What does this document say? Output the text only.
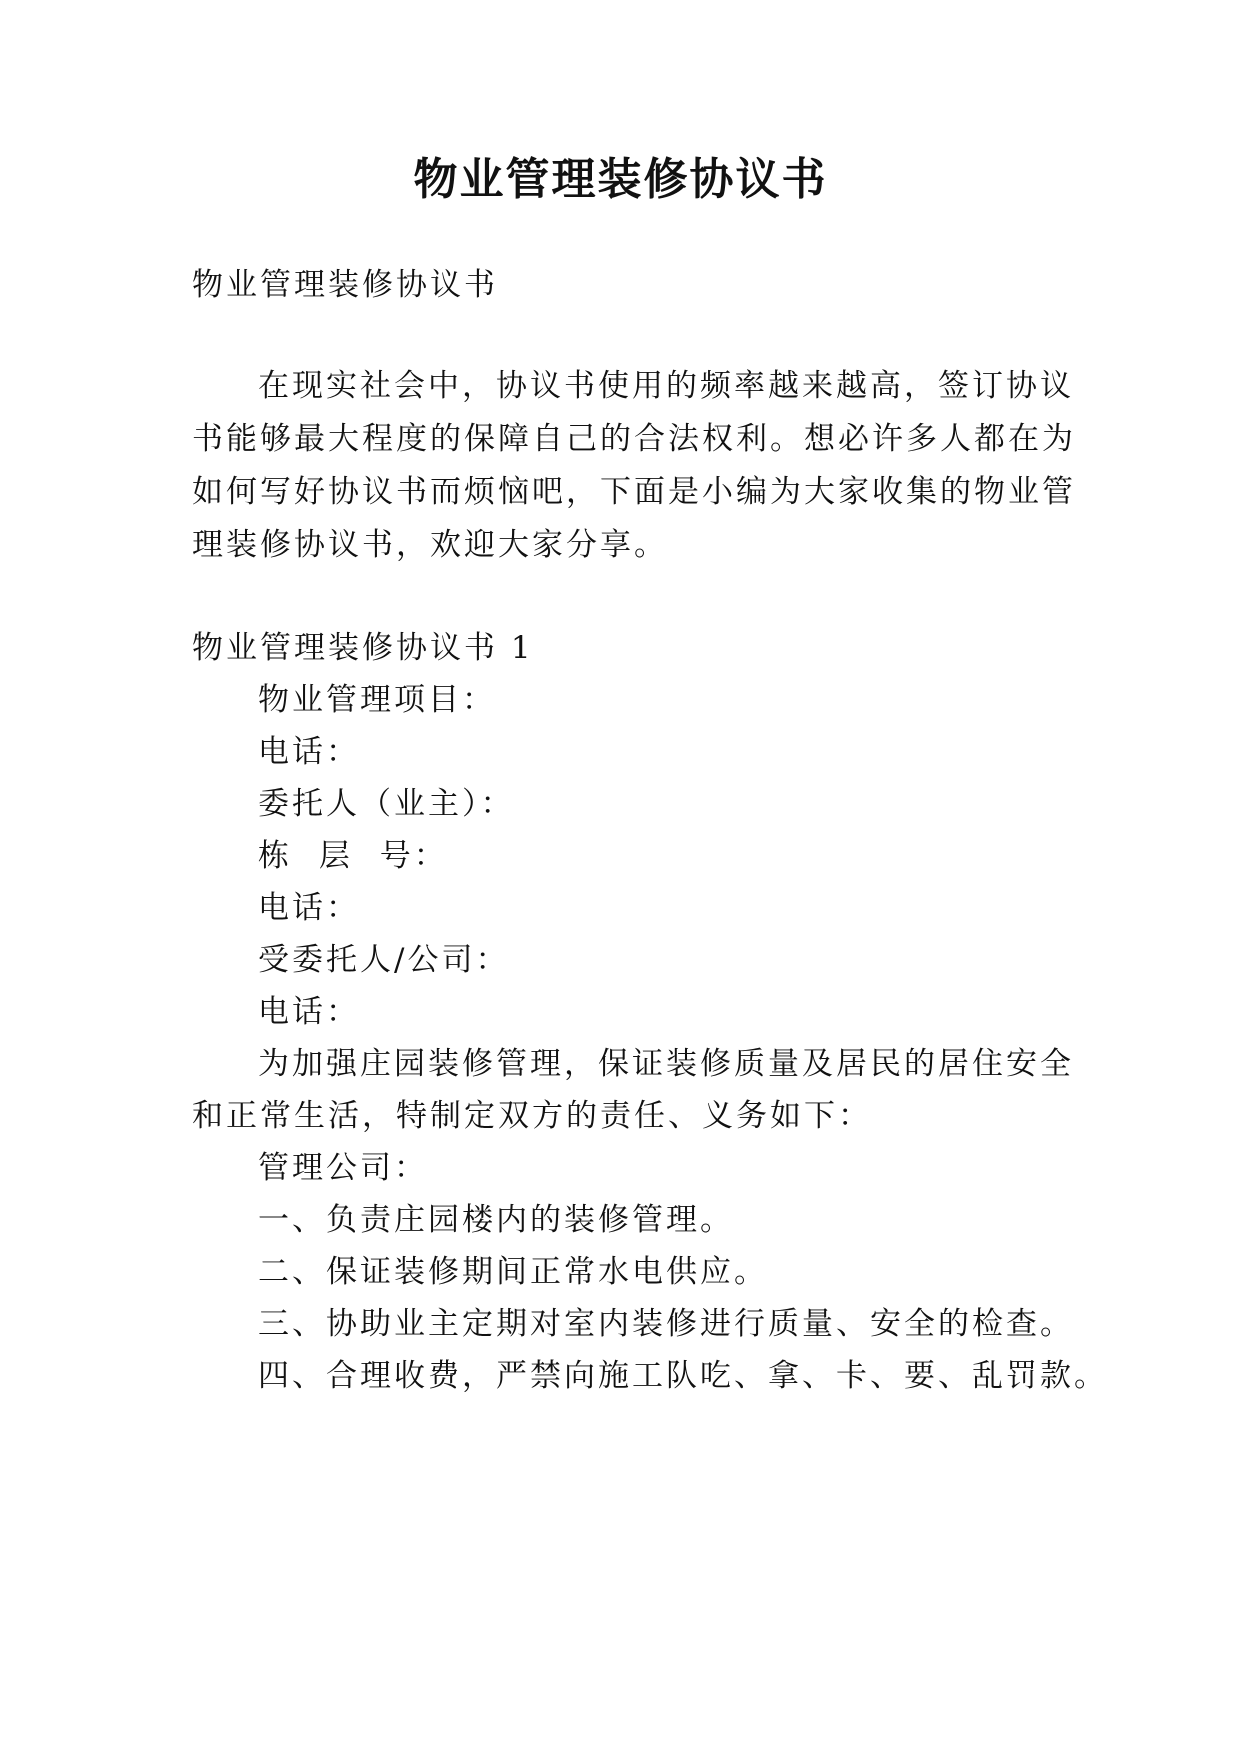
物业管理装修协议书
物业管理装修协议书
在现实社会中，协议书使用的频率越来越高，签订协议
书能够最大程度的保障自己的合法权利。想必许多人都在为
如何写好协议书而烦恼吧，下面是小编为大家收集的物业管
理装修协议书，欢迎大家分享。
物业管理装修协议书 1
物业管理项目：
电话：
委托人（业主）：
栋 层 号：
电话：
受委托人/公司：
电话：
为加强庄园装修管理，保证装修质量及居民的居住安全
和正常生活，特制定双方的责任、义务如下：
管理公司：
一、负责庄园楼内的装修管理。
二、保证装修期间正常水电供应。
三、协助业主定期对室内装修进行质量、安全的检查。
四、合理收费，严禁向施工队吃、拿、卡、要、乱罚款。
